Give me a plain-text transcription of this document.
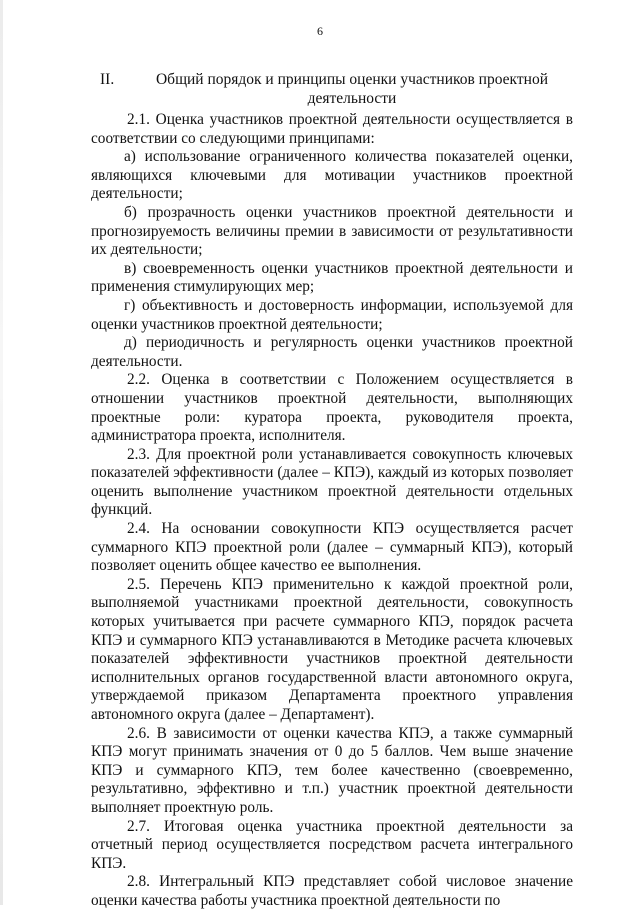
6
II.	Общий порядок и принципы оценки участников проектной деятельности

2.1. Оценка участников проектной деятельности осуществляется в соответствии со следующими принципами:

а) использование ограниченного количества показателей оценки, являющихся ключевыми для мотивации участников проектной деятельности;

б) прозрачность оценки участников проектной деятельности и прогнозируемость величины премии в зависимости от результативности их деятельности;

в) своевременность оценки участников проектной деятельности и применения стимулирующих мер;

г) объективность и достоверность информации, используемой для оценки участников проектной деятельности;

д) периодичность и регулярность оценки участников проектной деятельности.

2.2. Оценка в соответствии с Положением осуществляется в отношении участников проектной деятельности, выполняющих проектные роли: куратора проекта, руководителя проекта, администратора проекта, исполнителя.

2.3. Для проектной роли устанавливается совокупность ключевых показателей эффективности (далее – КПЭ), каждый из которых позволяет оценить выполнение участником проектной деятельности отдельных функций.

2.4. На основании совокупности КПЭ осуществляется расчет суммарного КПЭ проектной роли (далее – суммарный КПЭ), который позволяет оценить общее качество ее выполнения.

2.5. Перечень КПЭ применительно к каждой проектной роли, выполняемой участниками проектной деятельности, совокупность которых учитывается при расчете суммарного КПЭ, порядок расчета КПЭ и суммарного КПЭ устанавливаются в Методике расчета ключевых показателей эффективности участников проектной деятельности исполнительных органов государственной власти автономного округа, утверждаемой приказом Департамента проектного управления автономного округа (далее – Департамент).

2.6. В зависимости от оценки качества КПЭ, а также суммарный КПЭ могут принимать значения от 0 до 5 баллов. Чем выше значение КПЭ и суммарного КПЭ, тем более качественно (своевременно, результативно, эффективно и т.п.) участник проектной деятельности выполняет проектную роль.

2.7. Итоговая оценка участника проектной деятельности за отчетный период осуществляется посредством расчета интегрального КПЭ.

2.8. Интегральный КПЭ представляет собой числовое значение оценки качества работы участника проектной деятельности по
